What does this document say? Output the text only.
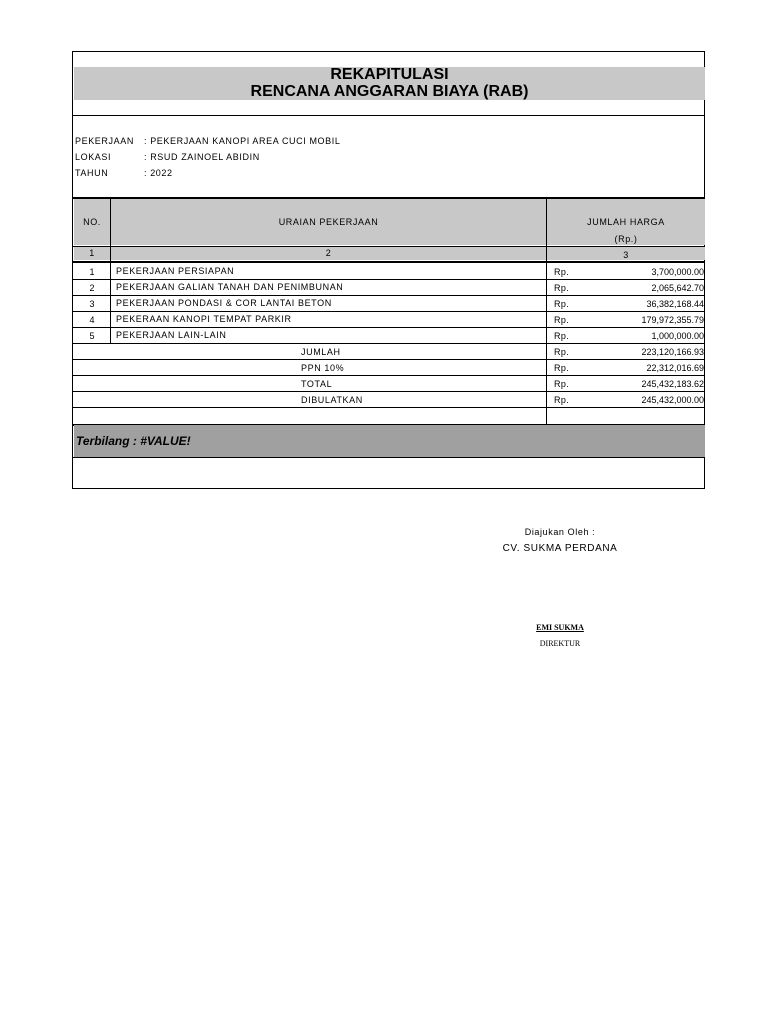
REKAPITULASI
RENCANA ANGGARAN BIAYA (RAB)
PEKERJAAN : PEKERJAAN KANOPI AREA CUCI MOBIL
LOKASI	: RSUD ZAINOEL ABIDIN
TAHUN	: 2022
NO.	URAIAN PEKERJAAN	JUMLAH HARGA
(Rp.)
1	2	3
1	PEKERJAAN PERSIAPAN	Rp.	3,700,000.00
2	PEKERJAAN GALIAN TANAH DAN PENIMBUNAN	Rp.	2,065,642.70
3	PEKERJAAN PONDASI & COR LANTAI BETON	Rp.	36,382,168.44
4	PEKERAAN KANOPI TEMPAT PARKIR	Rp.	179,972,355.79
5	PEKERJAAN LAIN-LAIN	Rp.	1,000,000.00
JUMLAH	Rp.	223,120,166.93
PPN 10%	Rp.	22,312,016.69
TOTAL	Rp.	245,432,183.62
DIBULATKAN	Rp.	245,432,000.00
Terbilang : #VALUE!
Diajukan Oleh :
CV. SUKMA PERDANA
EMI SUKMA
DIREKTUR
